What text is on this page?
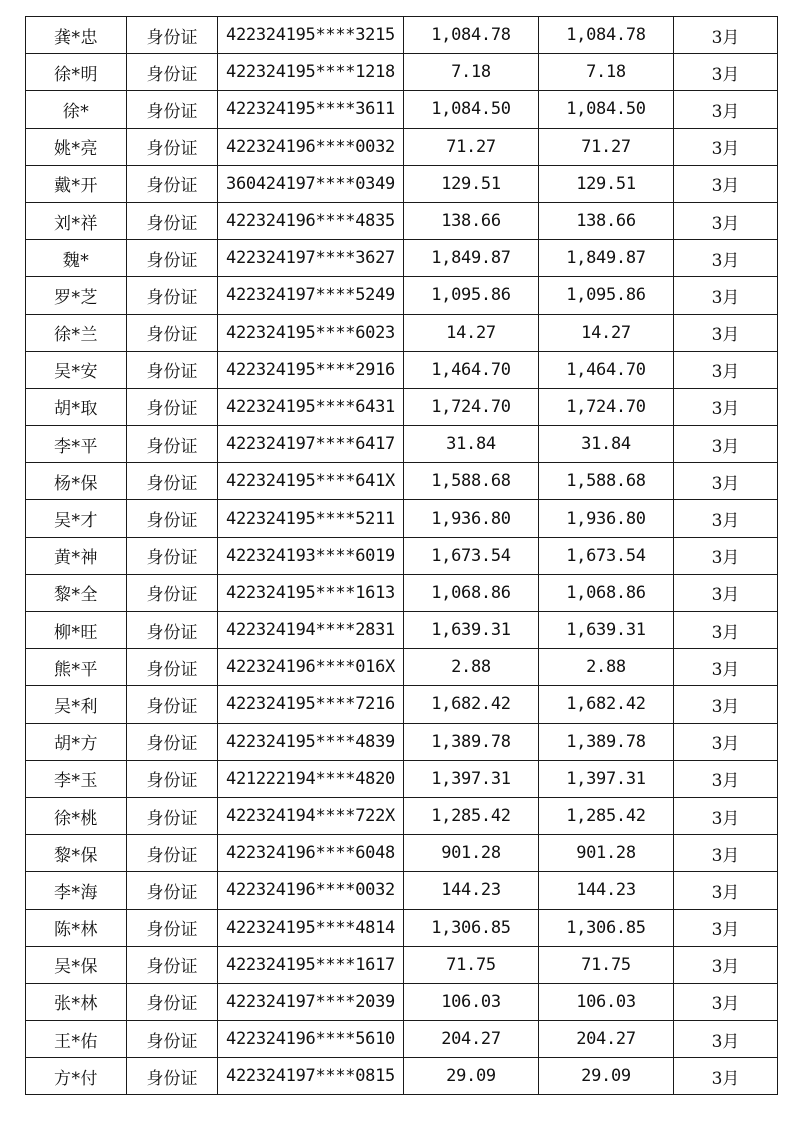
龚*忠	身份证	422324195****3215	1,084.78	1,084.78	3月
徐*明	身份证	422324195****1218	7.18	7.18	3月
徐*	身份证	422324195****3611	1,084.50	1,084.50	3月
姚*亮	身份证	422324196****0032	71.27	71.27	3月
戴*开	身份证	360424197****0349	129.51	129.51	3月
刘*祥	身份证	422324196****4835	138.66	138.66	3月
魏*	身份证	422324197****3627	1,849.87	1,849.87	3月
罗*芝	身份证	422324197****5249	1,095.86	1,095.86	3月
徐*兰	身份证	422324195****6023	14.27	14.27	3月
吴*安	身份证	422324195****2916	1,464.70	1,464.70	3月
胡*取	身份证	422324195****6431	1,724.70	1,724.70	3月
李*平	身份证	422324197****6417	31.84	31.84	3月
杨*保	身份证	422324195****641X	1,588.68	1,588.68	3月
吴*才	身份证	422324195****5211	1,936.80	1,936.80	3月
黄*神	身份证	422324193****6019	1,673.54	1,673.54	3月
黎*全	身份证	422324195****1613	1,068.86	1,068.86	3月
柳*旺	身份证	422324194****2831	1,639.31	1,639.31	3月
熊*平	身份证	422324196****016X	2.88	2.88	3月
吴*利	身份证	422324195****7216	1,682.42	1,682.42	3月
胡*方	身份证	422324195****4839	1,389.78	1,389.78	3月
李*玉	身份证	421222194****4820	1,397.31	1,397.31	3月
徐*桃	身份证	422324194****722X	1,285.42	1,285.42	3月
黎*保	身份证	422324196****6048	901.28	901.28	3月
李*海	身份证	422324196****0032	144.23	144.23	3月
陈*林	身份证	422324195****4814	1,306.85	1,306.85	3月
吴*保	身份证	422324195****1617	71.75	71.75	3月
张*林	身份证	422324197****2039	106.03	106.03	3月
王*佑	身份证	422324196****5610	204.27	204.27	3月
方*付	身份证	422324197****0815	29.09	29.09	3月
